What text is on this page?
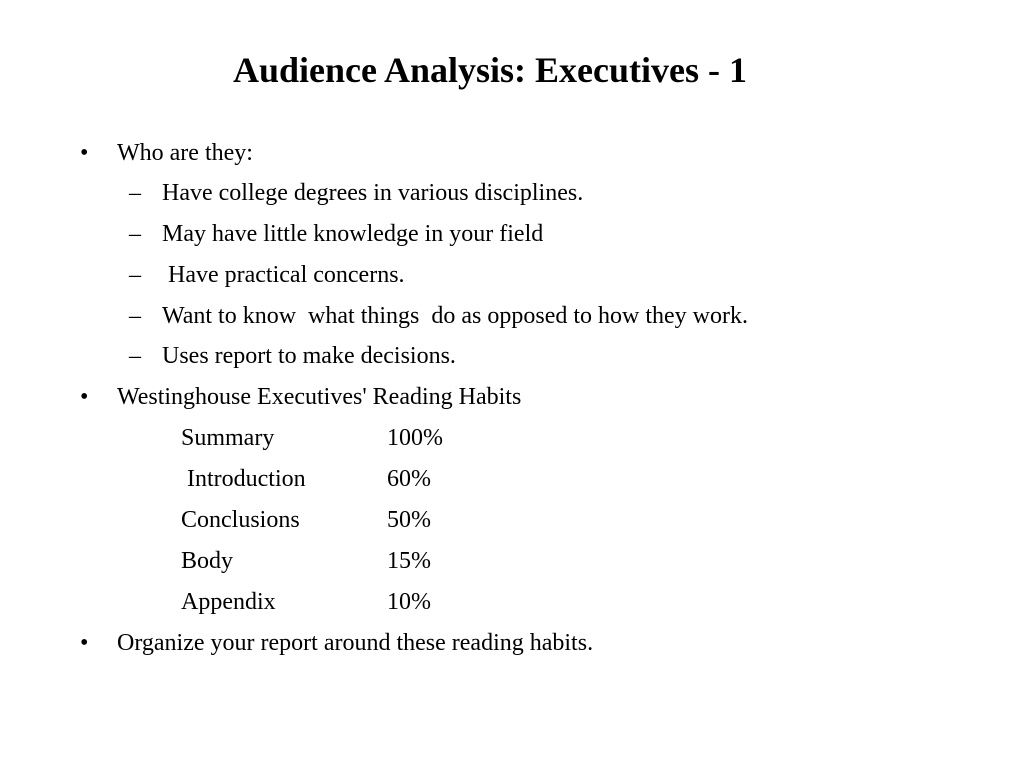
Audience Analysis: Executives - 1
• Who are they:
– Have college degrees in various disciplines.
– May have little knowledge in your field
– Have practical concerns.
– Want to know  what things  do as opposed to how they work.
– Uses report to make decisions.
• Westinghouse Executives' Reading Habits
Summary	100%
Introduction	60%
Conclusions	50%
Body	15%
Appendix	10%
• Organize your report around these reading habits.
